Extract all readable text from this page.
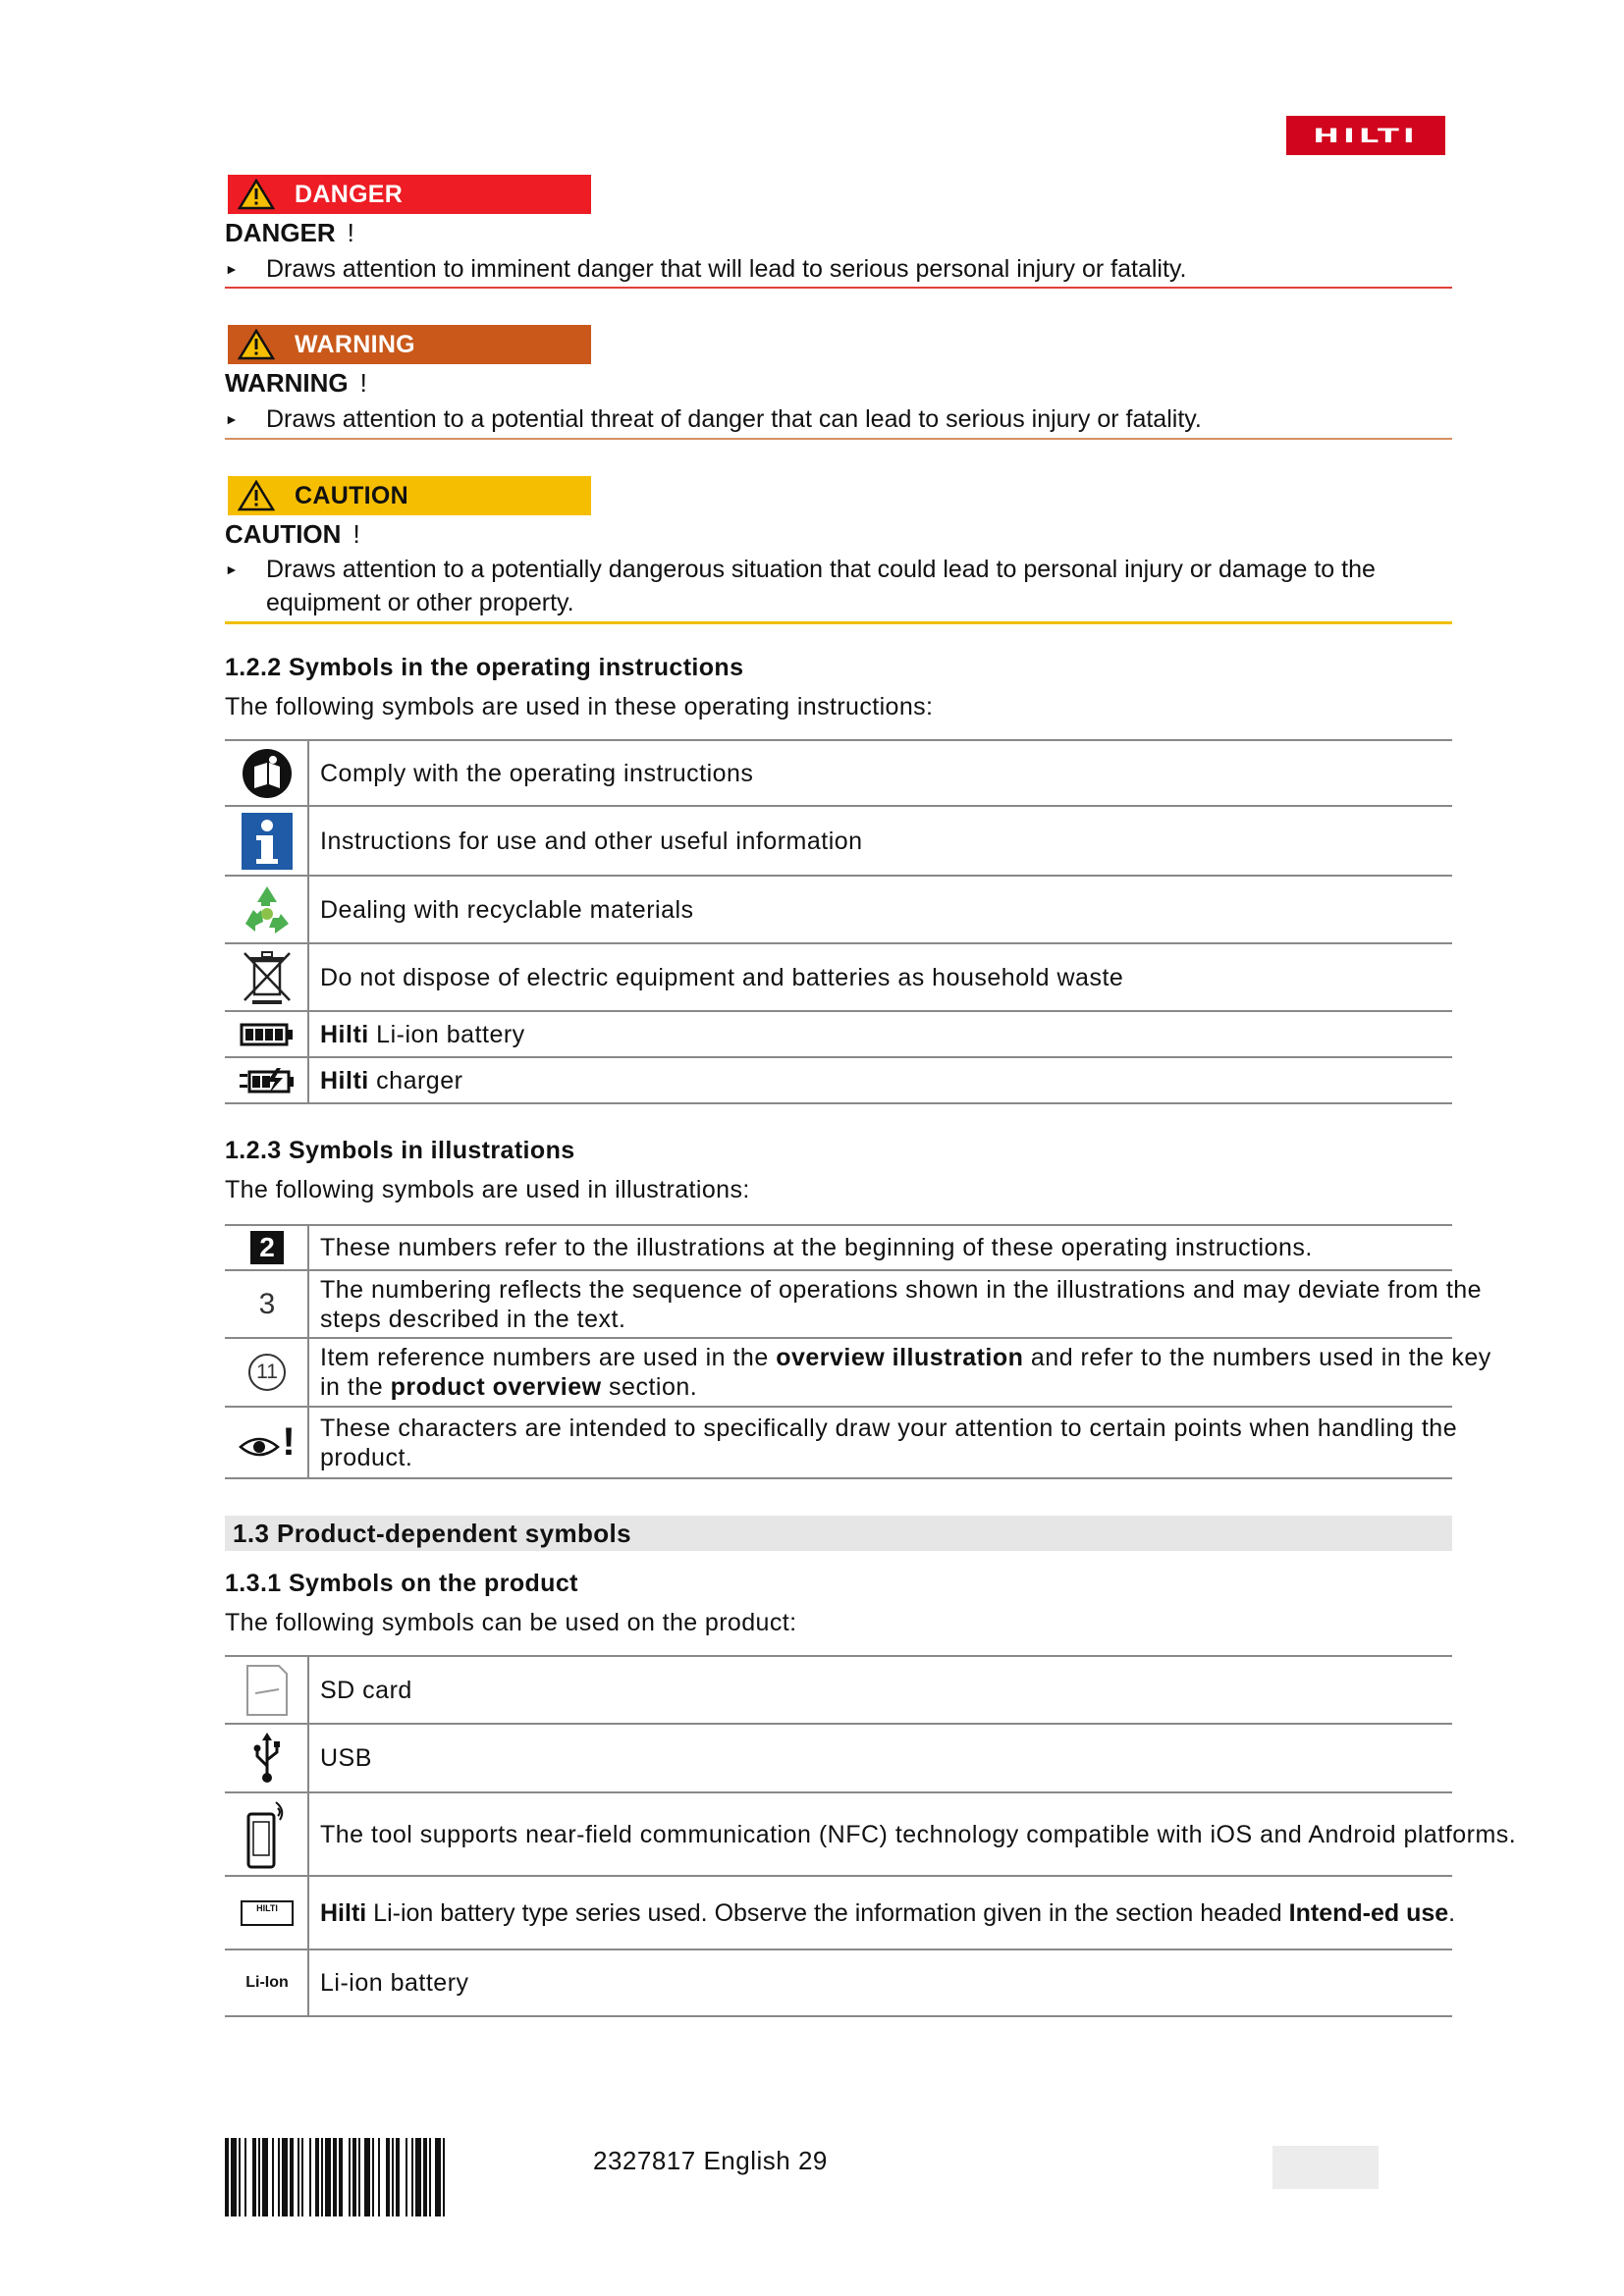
HILTI
DANGER
DANGER !
► Draws attention to imminent danger that will lead to serious personal injury or fatality.
WARNING
WARNING !
► Draws attention to a potential threat of danger that can lead to serious injury or fatality.
CAUTION
CAUTION !
► Draws attention to a potentially dangerous situation that could lead to personal injury or damage to the equipment or other property.
1.2.2 Symbols in the operating instructions
The following symbols are used in these operating instructions:
Comply with the operating instructions
Instructions for use and other useful information
Dealing with recyclable materials
Do not dispose of electric equipment and batteries as household waste
Hilti Li-ion battery
Hilti charger
1.2.3 Symbols in illustrations
The following symbols are used in illustrations:
2	These numbers refer to the illustrations at the beginning of these operating instructions.
3 The numbering reflects the sequence of operations shown in the illustrations and may deviate from the steps described in the text.
11
Item reference numbers are used in the overview illustration and refer to the numbers used in the key in the product overview section.
! These characters are intended to specifically draw your attention to certain points when handling the product.
1.3 Product-dependent symbols
1.3.1 Symbols on the product
The following symbols can be used on the product:
SD card
USB
The tool supports near-field communication (NFC) technology compatible with iOS and Android platforms.
HILTI	Hilti Li-ion battery type series used. Observe the information given in the section headed Intend-ed use.
Li-Ion Li-ion battery
2327817 English 29
